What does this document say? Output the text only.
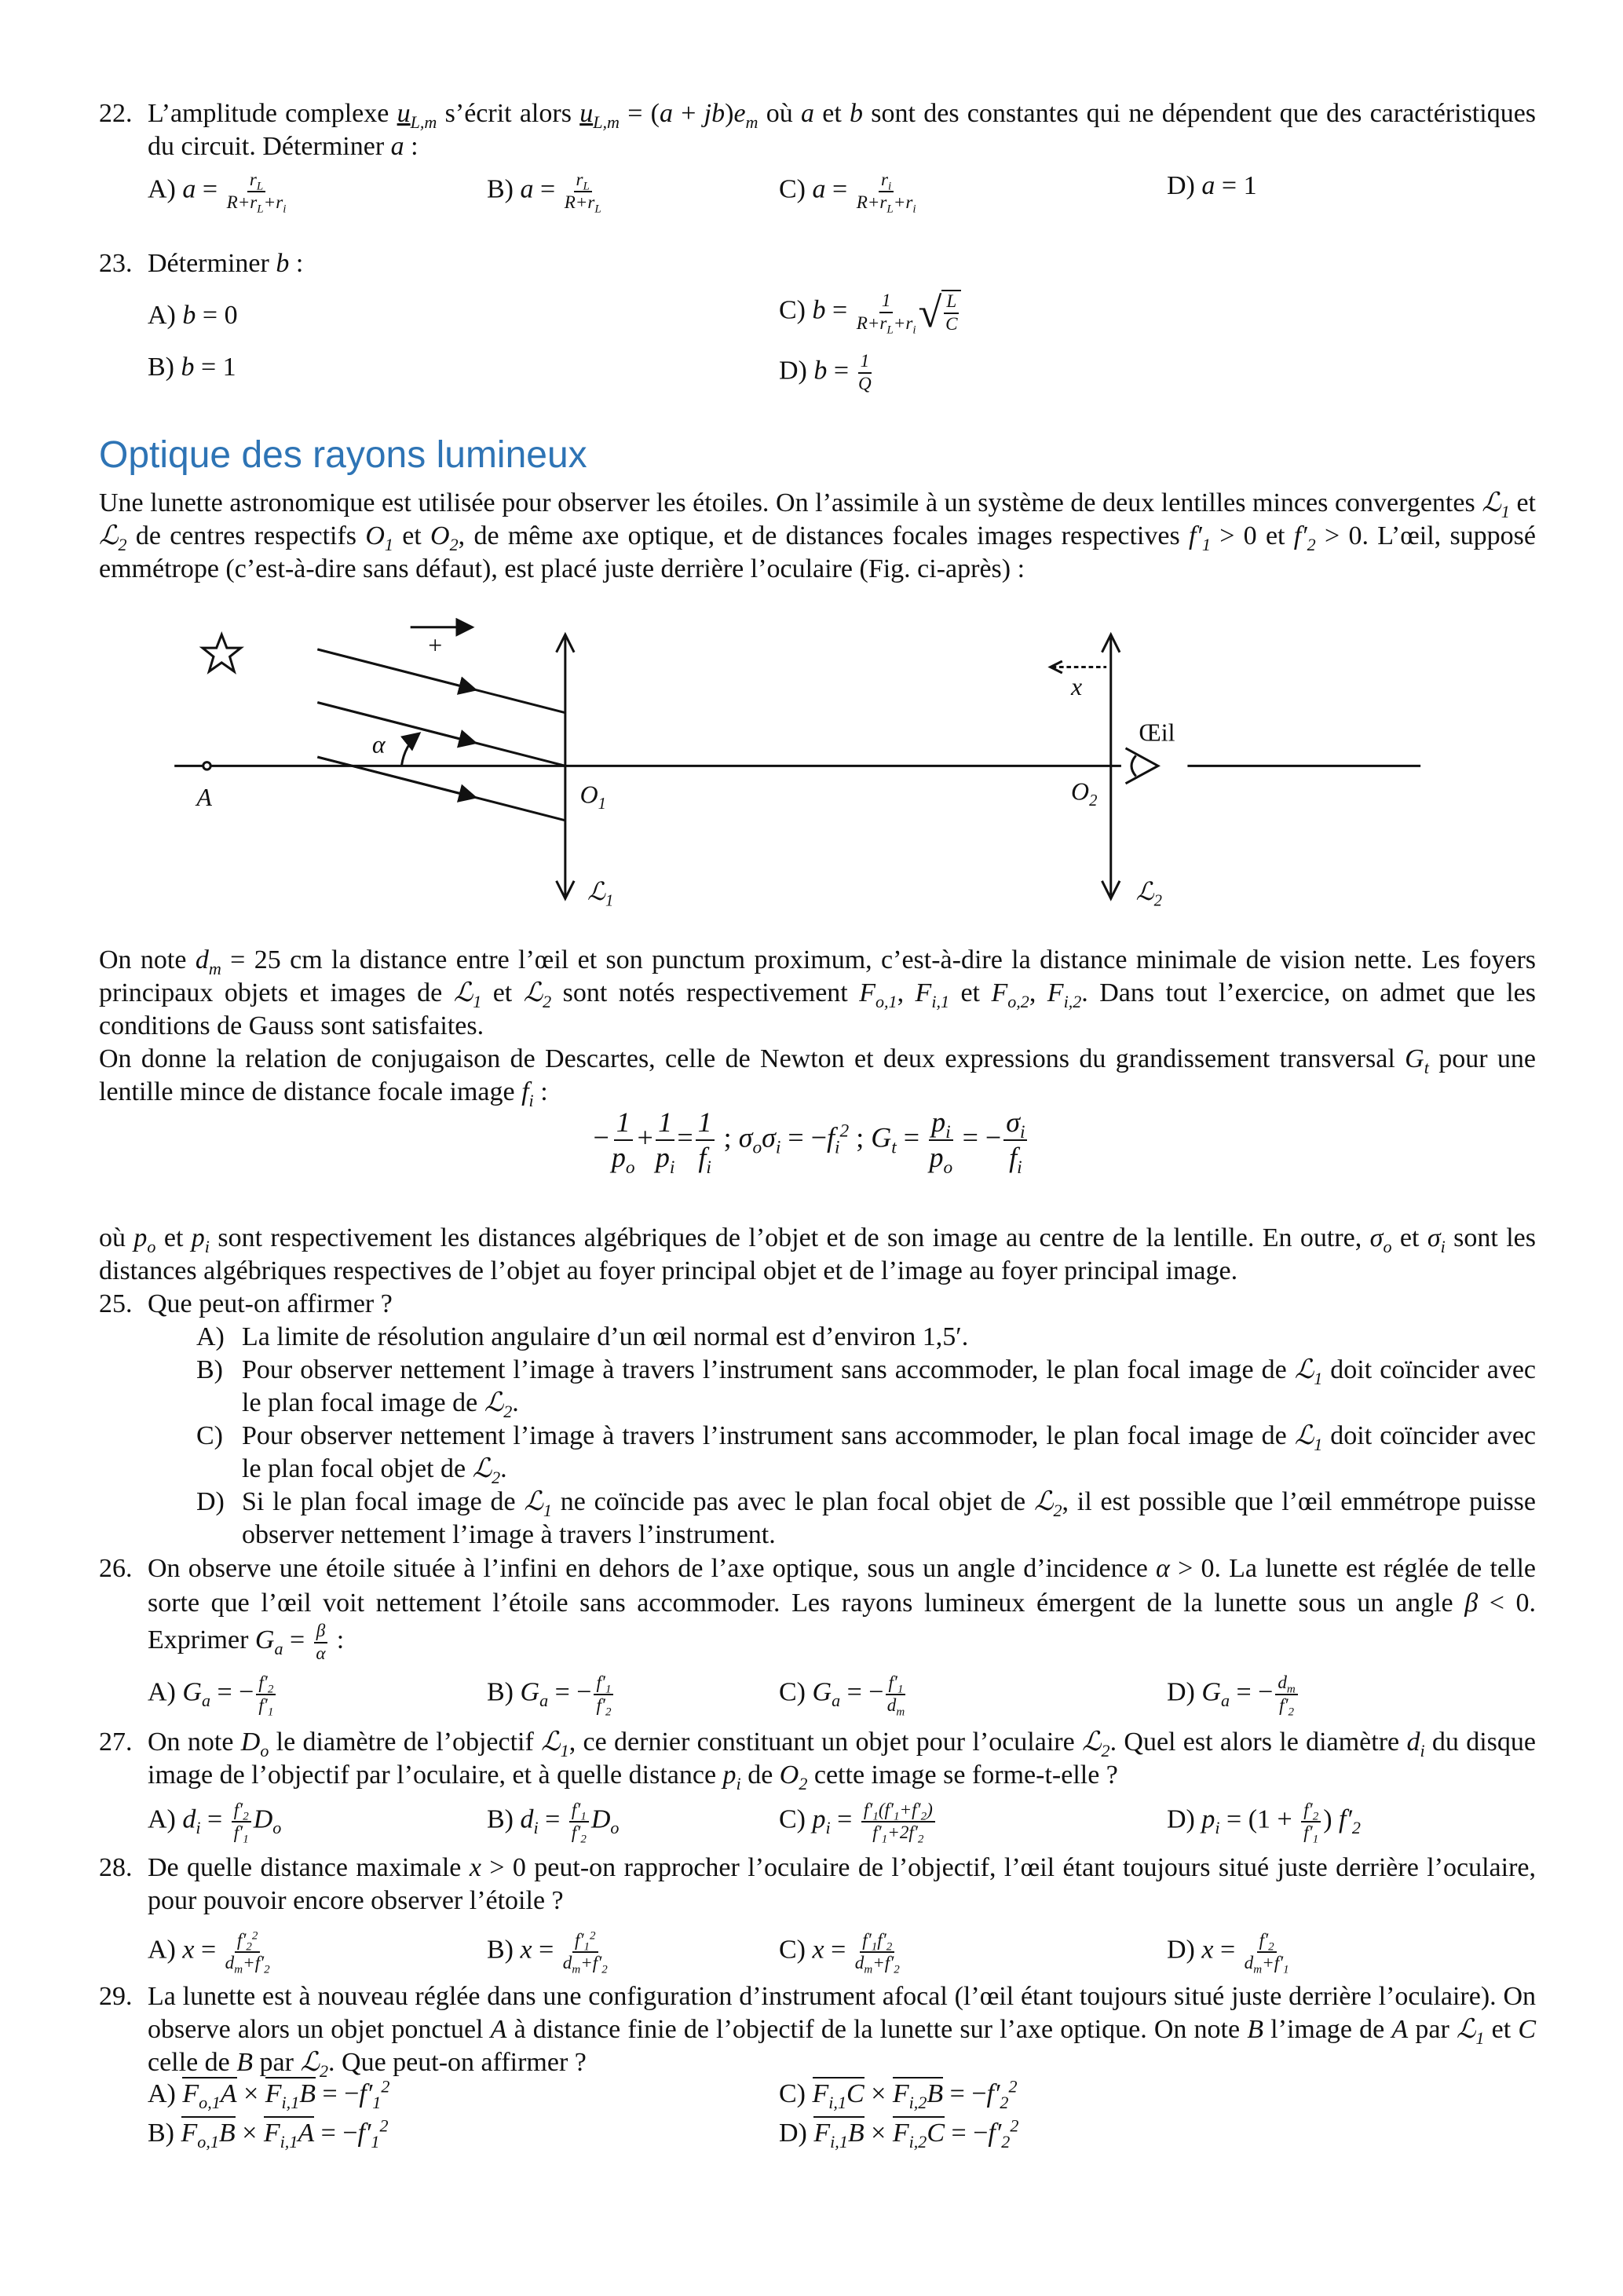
22. L’amplitude complexe $u_{L,m}$ s’écrit alors $u_{L,m} = (a + jb)e_m$ où a et b sont des constantes qui ne dépendent que des caractéristiques du circuit. Déterminer a :
A) $a = \frac{r_L}{R+r_L+r_i}$	B) $a = \frac{r_L}{R+r_L}$	C) $a = \frac{r_i}{R+r_L+r_i}$	D) a = 1
23. Déterminer b :
A) b = 0	C) $b = \frac{1}{R+r_L+r_i}$ √ $\frac{L}{C}$
B) b = 1	D) $b = \frac{1}{Q}$
Optique des rayons lumineux
Une lunette astronomique est utilisée pour observer les étoiles. On l’assimile à un système de deux lentilles minces convergentes ℒ$_1$ et ℒ$_2$ de centres respectifs $O_1$ et $O_2$, de même axe optique, et de distances focales images respectives $f'_1 > 0$ et $f'_2 > 0$. L’œil, supposé emmétrope (c’est-à-dire sans défaut), est placé juste derrière l’oculaire (Fig. ci-après) :
+
α
A	$O_1$	$O_2$
ℒ$_1$	ℒ$_2$
x
Œil
On note $d_m = 25$ cm la distance entre l’œil et son punctum proximum, c’est-à-dire la distance minimale de vision nette. Les foyers principaux objets et images de ℒ$_1$ et ℒ$_2$ sont notés respectivement $F_{o,1}$, $F_{i,1}$ et $F_{o,2}$, $F_{i,2}$. Dans tout l’exercice, on admet que les conditions de Gauss sont satisfaites.
On donne la relation de conjugaison de Descartes, celle de Newton et deux expressions du grandissement transversal $G_t$ pour une lentille mince de distance focale image $f_i$ :
− $\frac{1}{p_o} + \frac{1}{p_i} = \frac{1}{f_i}$ ; $\sigma_o\sigma_i = -f_i^2$ ; $G_t = \frac{p_i}{p_o}$ = − $\frac{\sigma_i}{f_i}$
où $p_o$ et $p_i$ sont respectivement les distances algébriques de l’objet et de son image au centre de la lentille. En outre, $\sigma_o$ et $\sigma_i$ sont les distances algébriques respectives de l’objet au foyer principal objet et de l’image au foyer principal image.
25. Que peut-on affirmer ?
A) La limite de résolution angulaire d’un œil normal est d’environ 1,5′.
B) Pour observer nettement l’image à travers l’instrument sans accommoder, le plan focal image de ℒ$_1$ doit coïncider avec le plan focal image de ℒ$_2$.
C) Pour observer nettement l’image à travers l’instrument sans accommoder, le plan focal image de ℒ$_1$ doit coïncider avec le plan focal objet de ℒ$_2$.
D) Si le plan focal image de ℒ$_1$ ne coïncide pas avec le plan focal objet de ℒ$_2$, il est possible que l’œil emmétrope puisse observer nettement l’image à travers l’instrument.
26. On observe une étoile située à l’infini en dehors de l’axe optique, sous un angle d’incidence α > 0. La lunette est réglée de telle sorte que l’œil voit nettement l’étoile sans accommoder. Les rayons lumineux émergent de la lunette sous un angle β < 0. Exprimer $G_a = \frac{\beta}{\alpha}$ :
A) $G_a$ = − $\frac{f'_2}{f'_1}$	B) $G_a$ = − $\frac{f'_1}{f'_2}$	C) $G_a$ = − $\frac{f'_1}{d_m}$	D) $G_a$ = − $\frac{d_m}{f'_2}$
27. On note $D_o$ le diamètre de l’objectif ℒ$_1$, ce dernier constituant un objet pour l’oculaire ℒ$_2$. Quel est alors le diamètre $d_i$ du disque image de l’objectif par l’oculaire, et à quelle distance $p_i$ de $O_2$ cette image se forme-t-elle ?
A) $d_i = \frac{f'_2}{f'_1} D_o$	B) $d_i = \frac{f'_1}{f'_2} D_o$	C) $p_i = \frac{f'_1(f'_1+f'_2)}{f'_1+2f'_2}$	D) $p_i = (1 + \frac{f'_2}{f'_1}$ ) $f'_2$
28. De quelle distance maximale x > 0 peut-on rapprocher l’oculaire de l’objectif, l’œil étant toujours situé juste derrière l’oculaire, pour pouvoir encore observer l’étoile ?
A) $x = \frac{f'_2^2}{d_m+f'_2}$	B) $x = \frac{f'_1^2}{d_m+f'_2}$	C) $x = \frac{f'_1f'_2}{d_m+f'_2}$	D) $x = \frac{f'_2}{d_m+f'_1}$
29. La lunette est à nouveau réglée dans une configuration d’instrument afocal (l’œil étant toujours situé juste derrière l’oculaire). On observe alors un objet ponctuel A à distance finie de l’objectif de la lunette sur l’axe optique. On note B l’image de A par ℒ$_1$ et C celle de B par ℒ$_2$. Que peut-on affirmer ?
A) $F_{o,1}A \times F_{i,1}B = -f'_1^2$	C) $F_{i,1}C \times F_{i,2}B = -f'_2^2$
B) $F_{o,1}B \times F_{i,1}A = -f'_1^2$	D) $F_{i,1}B \times F_{i,2}C = -f'_2^2$
